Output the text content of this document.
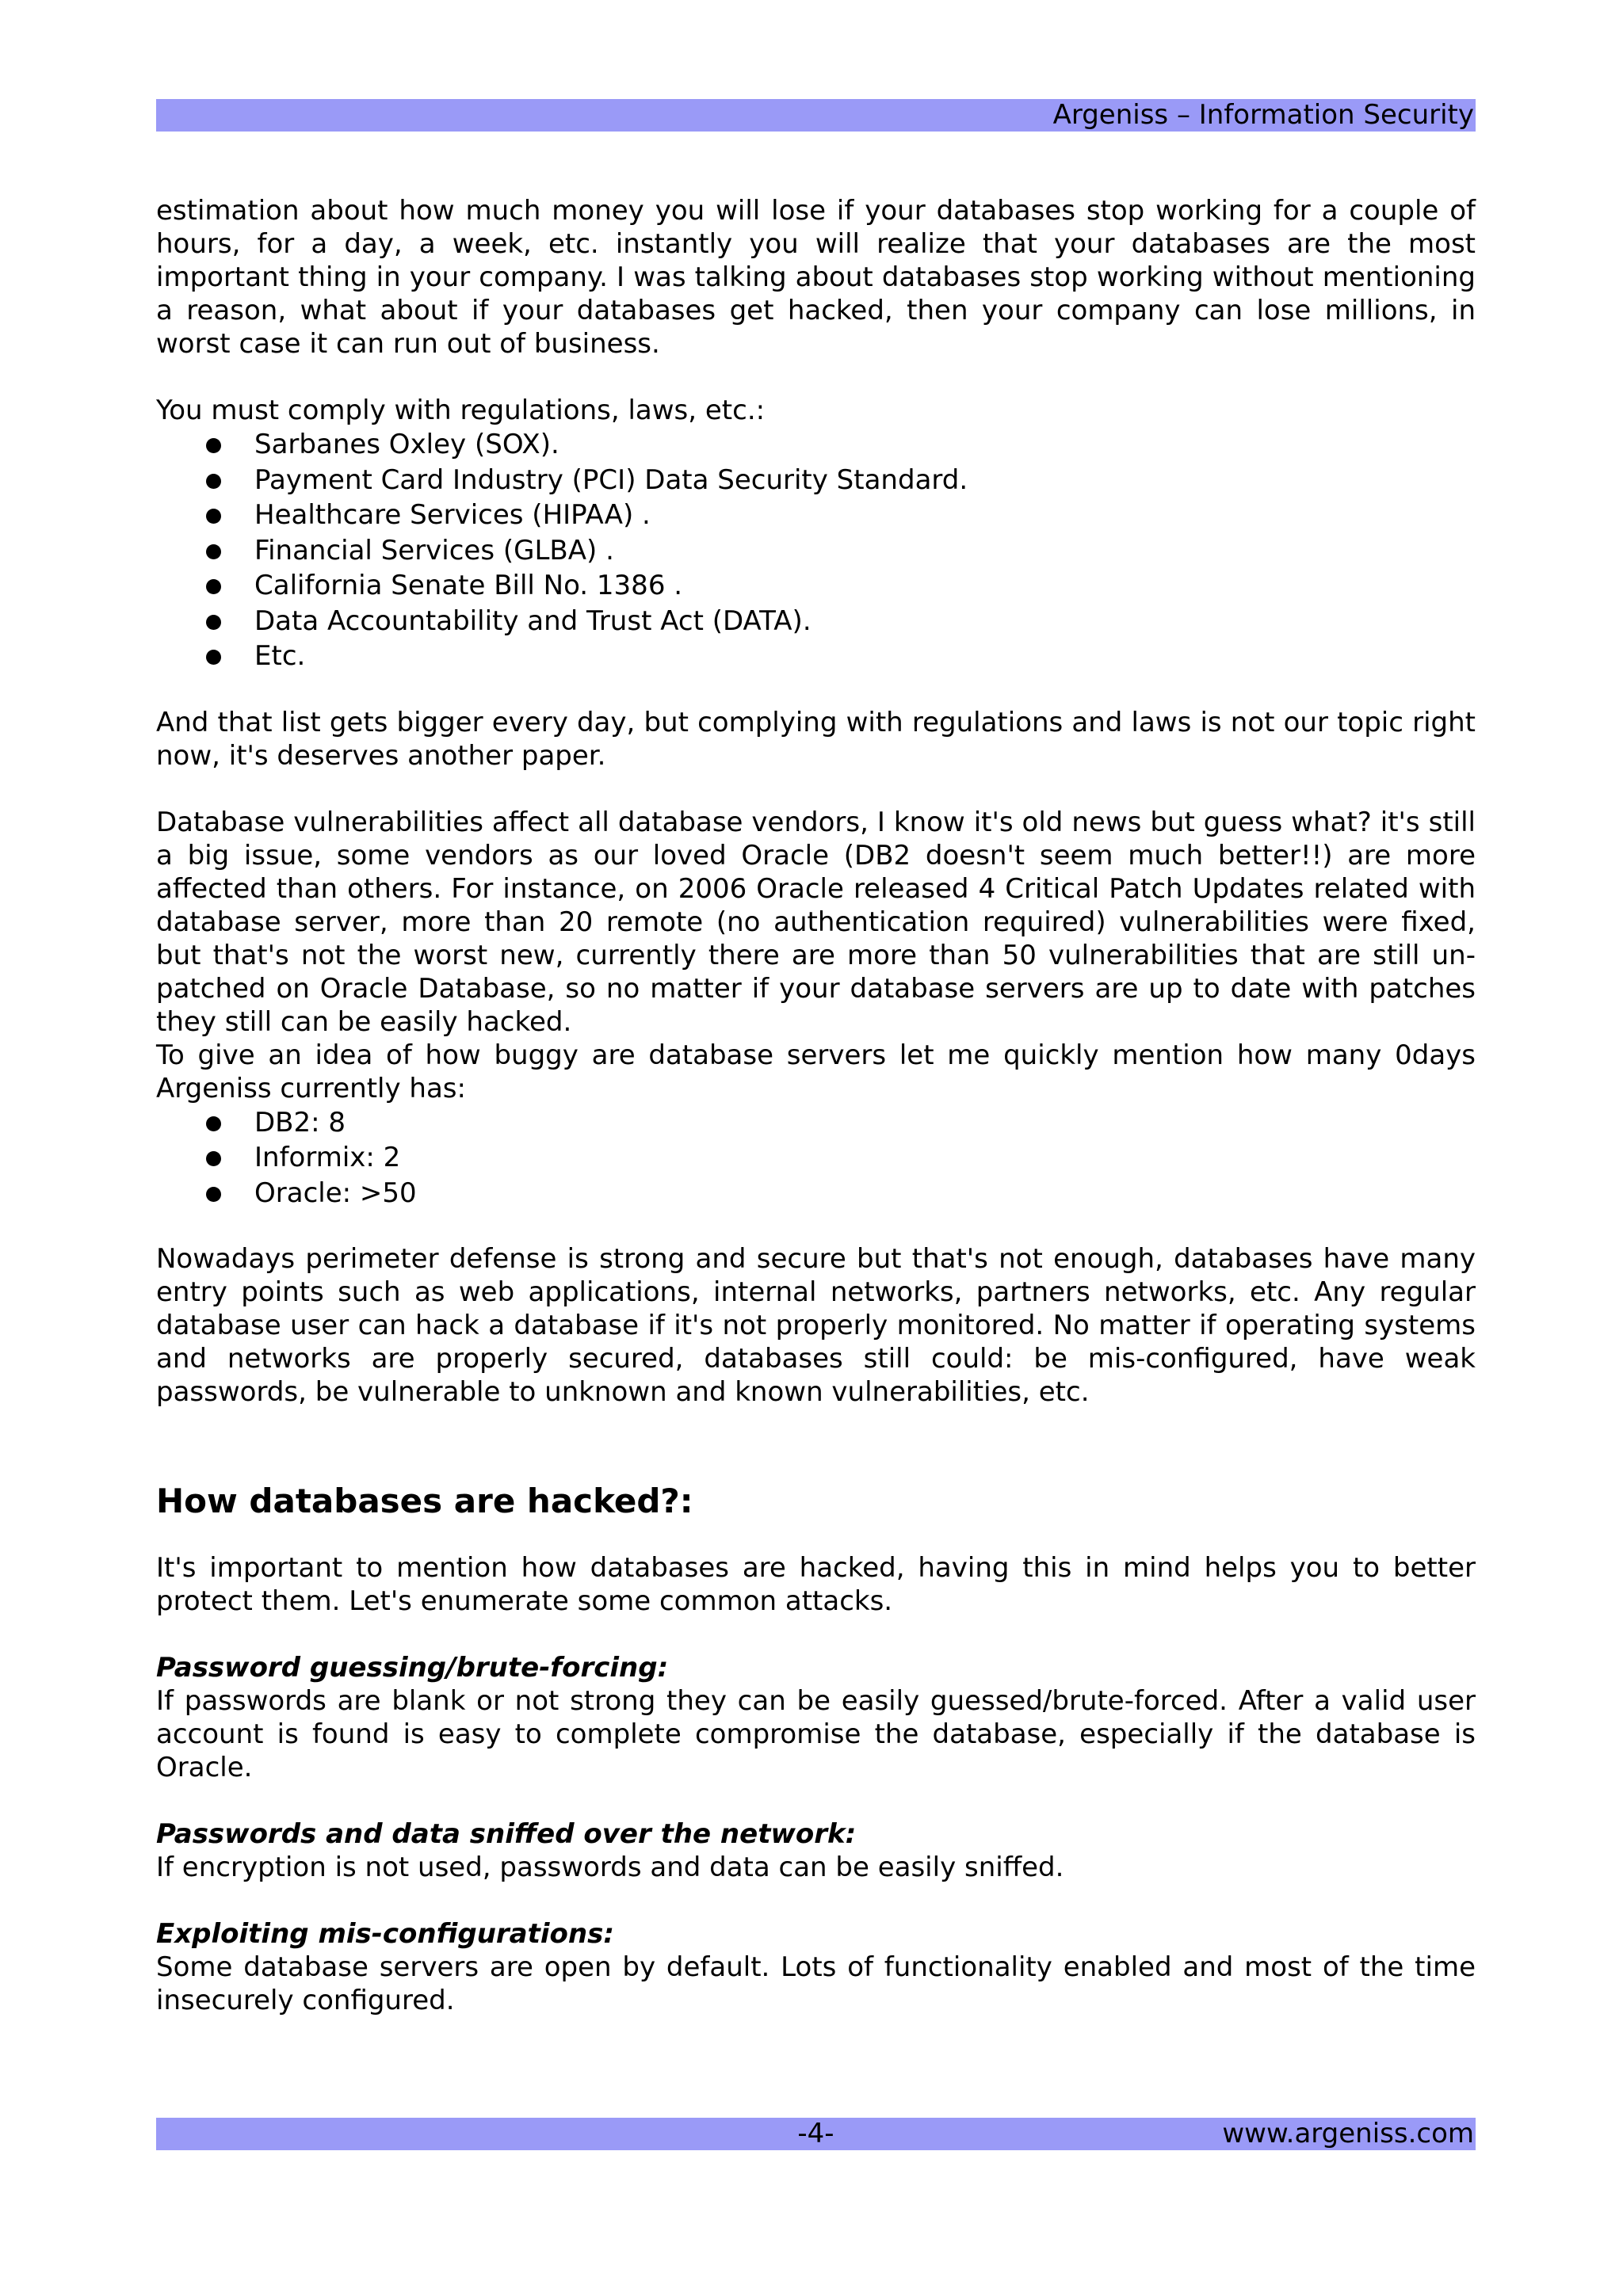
Argeniss – Information Security

estimation about how much money you will lose if your databases stop working for a couple of hours, for a day, a week, etc. instantly you will realize that your databases are the most important thing in your company. I was talking about databases stop working without mentioning a reason, what about if your databases get hacked, then your company can lose millions, in worst case it can run out of business.

You must comply with regulations, laws, etc.:

Sarbanes Oxley (SOX).
Payment Card Industry (PCI) Data Security Standard.
Healthcare Services (HIPAA) .
Financial Services (GLBA) .
California Senate Bill No. 1386 .
Data Accountability and Trust Act (DATA).
Etc.

And that list gets bigger every day, but complying with regulations and laws is not our topic right now, it's deserves another paper.

Database vulnerabilities affect all database vendors, I know it's old news but guess what? it's still a big issue, some vendors as our loved Oracle (DB2 doesn't seem much better!!) are more affected than others. For instance, on 2006 Oracle released 4 Critical Patch Updates related with database server, more than 20 remote (no authentication required) vulnerabilities were fixed, but that's not the worst new, currently there are more than 50 vulnerabilities that are still un-patched on Oracle Database, so no matter if your database servers are up to date with patches they still can be easily hacked.

To give an idea of how buggy are database servers let me quickly mention how many 0days Argeniss currently has:

DB2: 8
Informix: 2
Oracle: >50

Nowadays perimeter defense is strong and secure but that's not enough, databases have many entry points such as web applications, internal networks, partners networks, etc. Any regular database user can hack a database if it's not properly monitored. No matter if operating systems and networks are properly secured, databases still could: be mis-configured, have weak passwords, be vulnerable to unknown and known vulnerabilities, etc.

How databases are hacked?:

It's important to mention how databases are hacked, having this in mind helps you to better protect them. Let's enumerate some common attacks.

Password guessing/brute-forcing:

If passwords are blank or not strong they can be easily guessed/brute-forced. After a valid user account is found is easy to complete compromise the database, especially if the database is Oracle.

Passwords and data sniffed over the network:

If encryption is not used, passwords and data can be easily sniffed.

Exploiting mis-configurations:

Some database servers are open by default. Lots of functionality enabled and most of the time insecurely configured.

-4-	www.argeniss.com
